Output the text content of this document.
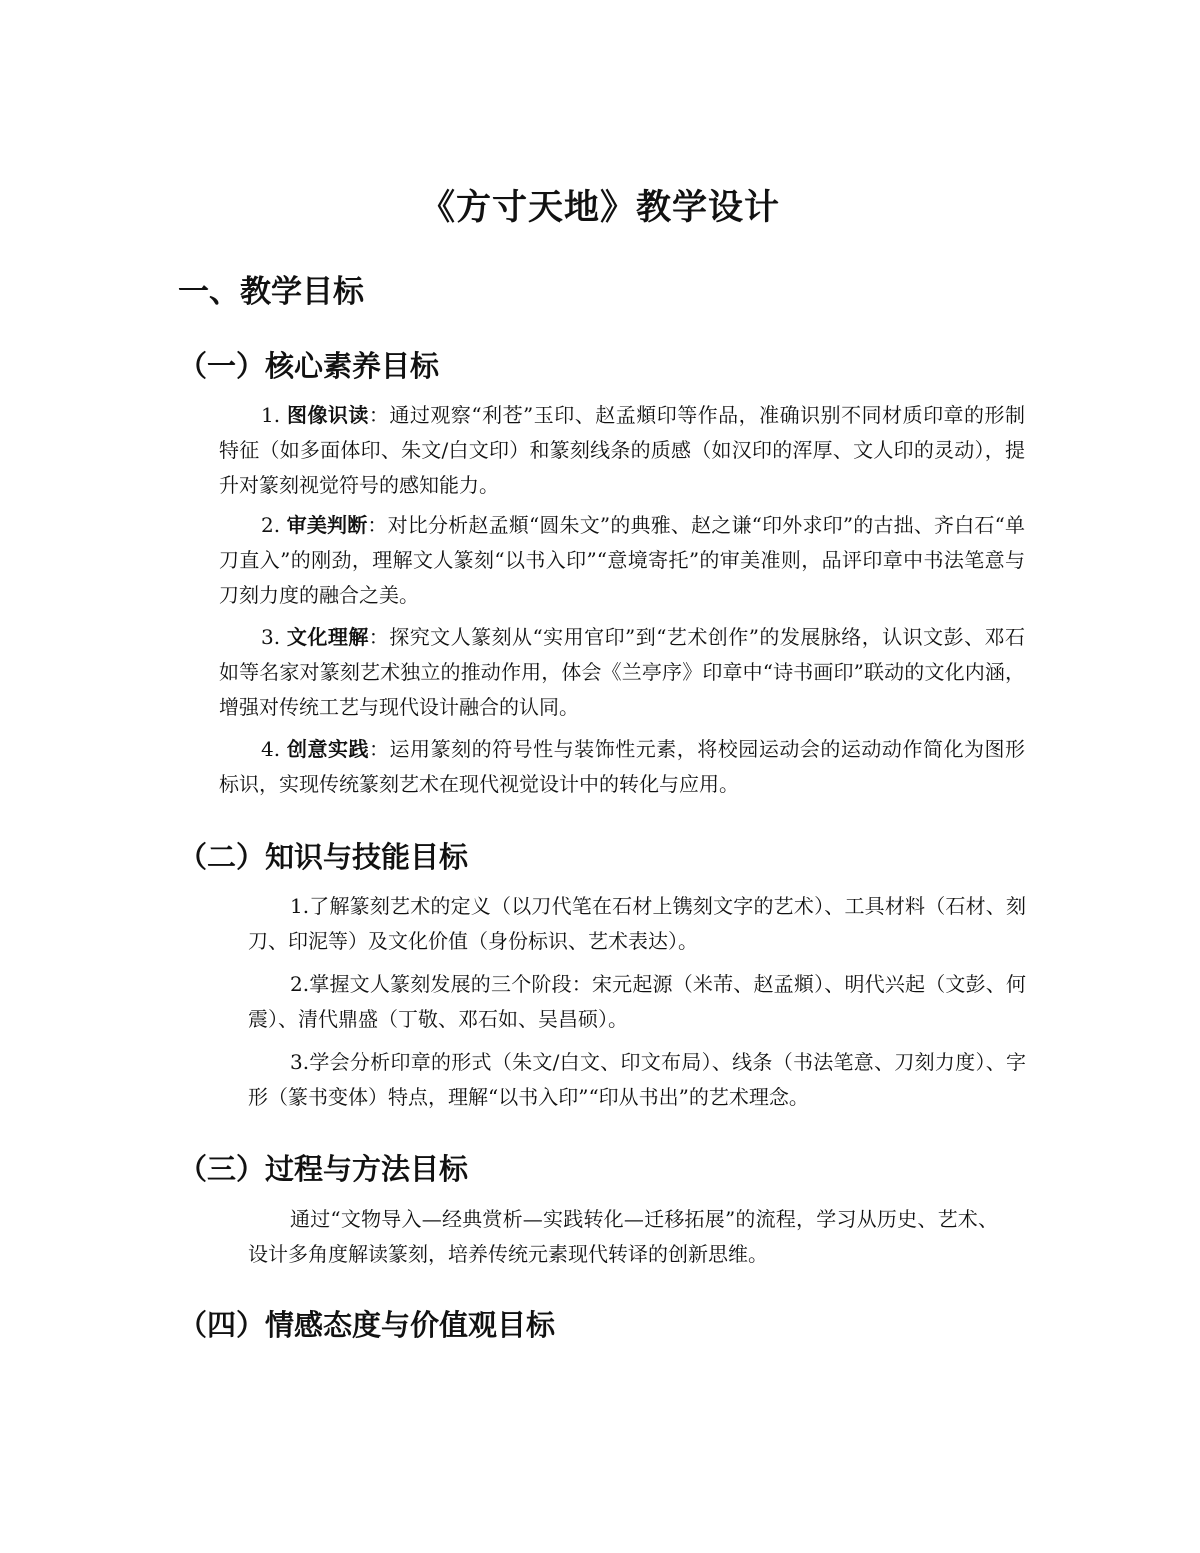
《方寸天地》教学设计
一、教学目标
（一）核心素养目标

1. 图像识读：通过观察“利苍”玉印、赵孟頫印等作品，准确识别不同材质印章的形制特征（如多面体印、朱文/白文印）和篆刻线条的质感（如汉印的浑厚、文人印的灵动），提升对篆刻视觉符号的感知能力。

2. 审美判断：对比分析赵孟頫“圆朱文”的典雅、赵之谦“印外求印”的古拙、齐白石“单刀直入”的刚劲，理解文人篆刻“以书入印”“意境寄托”的审美准则，品评印章中书法笔意与刀刻力度的融合之美。

3. 文化理解：探究文人篆刻从“实用官印”到“艺术创作”的发展脉络，认识文彭、邓石如等名家对篆刻艺术独立的推动作用，体会《兰亭序》印章中“诗书画印”联动的文化内涵，增强对传统工艺与现代设计融合的认同。

4. 创意实践：运用篆刻的符号性与装饰性元素，将校园运动会的运动动作简化为图形标识，实现传统篆刻艺术在现代视觉设计中的转化与应用。

（二）知识与技能目标

1.了解篆刻艺术的定义（以刀代笔在石材上镌刻文字的艺术）、工具材料（石材、刻刀、印泥等）及文化价值（身份标识、艺术表达）。

2.掌握文人篆刻发展的三个阶段：宋元起源（米芾、赵孟頫）、明代兴起（文彭、何震）、清代鼎盛（丁敬、邓石如、吴昌硕）。

3.学会分析印章的形式（朱文/白文、印文布局）、线条（书法笔意、刀刻力度）、字形（篆书变体）特点，理解“以书入印”“印从书出”的艺术理念。

（三）过程与方法目标

通过“文物导入—经典赏析—实践转化—迁移拓展”的流程，学习从历史、艺术、设计多角度解读篆刻，培养传统元素现代转译的创新思维。

（四）情感态度与价值观目标
